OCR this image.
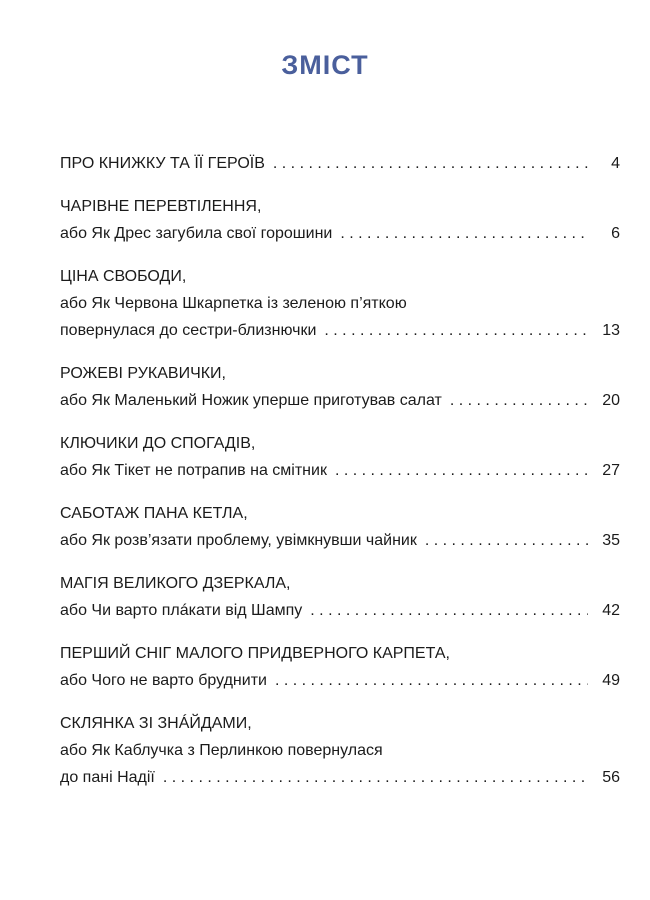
ЗМІСТ
ПРО КНИЖКУ ТА ЇЇ ГЕРОЇВ . . .	4
ЧАРІВНЕ ПЕРЕВТІЛЕННЯ,
або Як Дрес загубила свої горошини . . .	6
ЦІНА СВОБОДИ,
або Як Червона Шкарпетка із зеленою п’яткою
повернулася до сестри-близнючки . . .	13
РОЖЕВІ РУКАВИЧКИ,
або Як Маленький Ножик уперше приготував салат . . .	20
КЛЮЧИКИ ДО СПОГАДІВ,
або Як Тікет не потрапив на смітник . . .	27
САБОТАЖ ПАНА КЕТЛА,
або Як розв’язати проблему, увімкнувши чайник . . .	35
МАГІЯ ВЕЛИКОГО ДЗЕРКАЛА,
або Чи варто плáкати від Шампу . . .	42
ПЕРШИЙ СНІГ МАЛОГО ПРИДВЕРНОГО КАРПЕТА,
або Чого не варто бруднити . . .	49
СКЛЯНКА ЗІ ЗНÁЙДАМИ,
або Як Каблучка з Перлинкою повернулася
до пані Надії . . .	56
